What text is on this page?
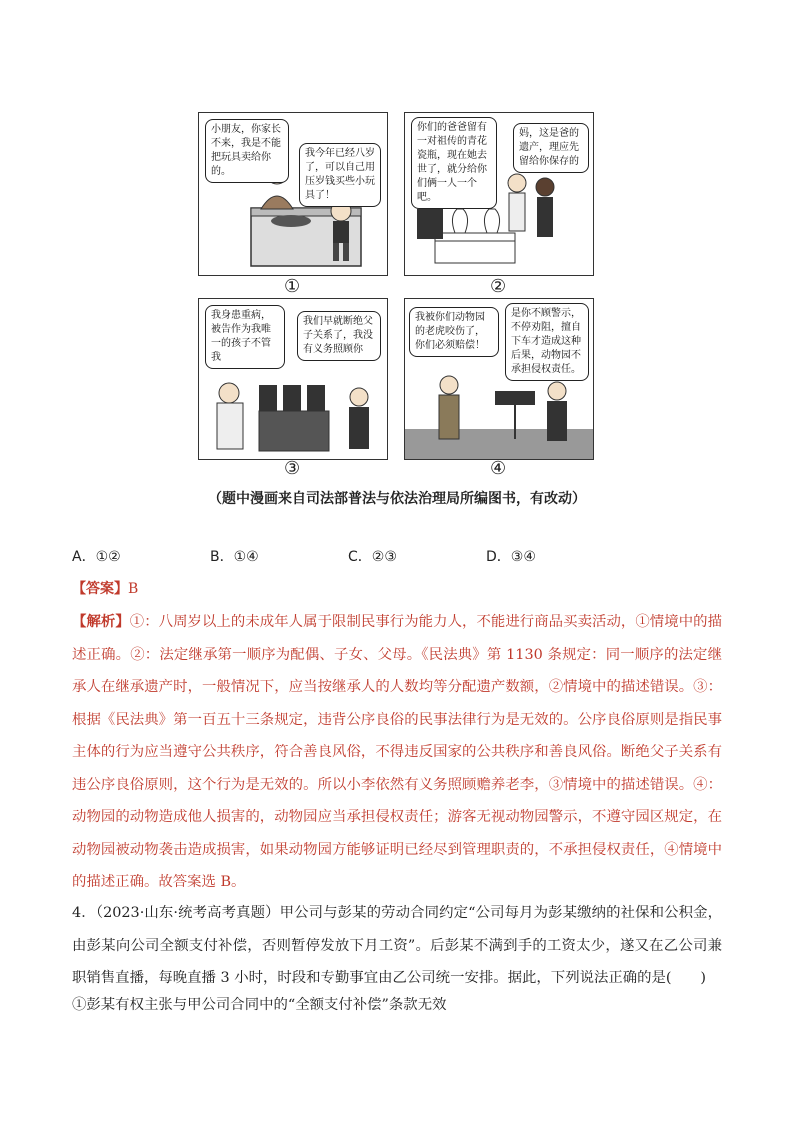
小朋友，你家长不来，我是不能把玩具卖给你的。
我今年已经八岁了，可以自己用压岁钱买些小玩具了！
①
你们的爸爸留有一对祖传的青花瓷瓶，现在她去世了，就分给你们俩一人一个吧。
妈，这是爸的遗产，理应先留给你保存的
②
我身患重病，被告作为我唯一的孩子不管我
我们早就断绝父子关系了，我没有义务照顾你
③
我被你们动物园的老虎咬伤了，你们必须赔偿！
是你不顾警示，不停劝阻，擅自下车才造成这种后果，动物园不承担侵权责任。
④
（题中漫画来自司法部普法与依法治理局所编图书，有改动）
A．①②	B．①④	C．②③	D．③④
【答案】B
【解析】①：八周岁以上的未成年人属于限制民事行为能力人，不能进行商品买卖活动，①情境中的描述正确。②：法定继承第一顺序为配偶、子女、父母。《民法典》第 1130 条规定：同一顺序的法定继承人在继承遗产时，一般情况下，应当按继承人的人数均等分配遗产数额，②情境中的描述错误。③：根据《民法典》第一百五十三条规定，违背公序良俗的民事法律行为是无效的。公序良俗原则是指民事主体的行为应当遵守公共秩序，符合善良风俗，不得违反国家的公共秩序和善良风俗。断绝父子关系有违公序良俗原则，这个行为是无效的。所以小李依然有义务照顾赡养老李，③情境中的描述错误。④：动物园的动物造成他人损害的，动物园应当承担侵权责任；游客无视动物园警示，不遵守园区规定，在动物园被动物袭击造成损害，如果动物园方能够证明已经尽到管理职责的，不承担侵权责任，④情境中的描述正确。故答案选 B。
4．（2023·山东·统考高考真题）甲公司与彭某的劳动合同约定“公司每月为彭某缴纳的社保和公积金，由彭某向公司全额支付补偿，否则暂停发放下月工资”。后彭某不满到手的工资太少，遂又在乙公司兼职销售直播，每晚直播 3 小时，时段和专勤事宜由乙公司统一安排。据此，下列说法正确的是(　　)
①彭某有权主张与甲公司合同中的“全额支付补偿”条款无效
